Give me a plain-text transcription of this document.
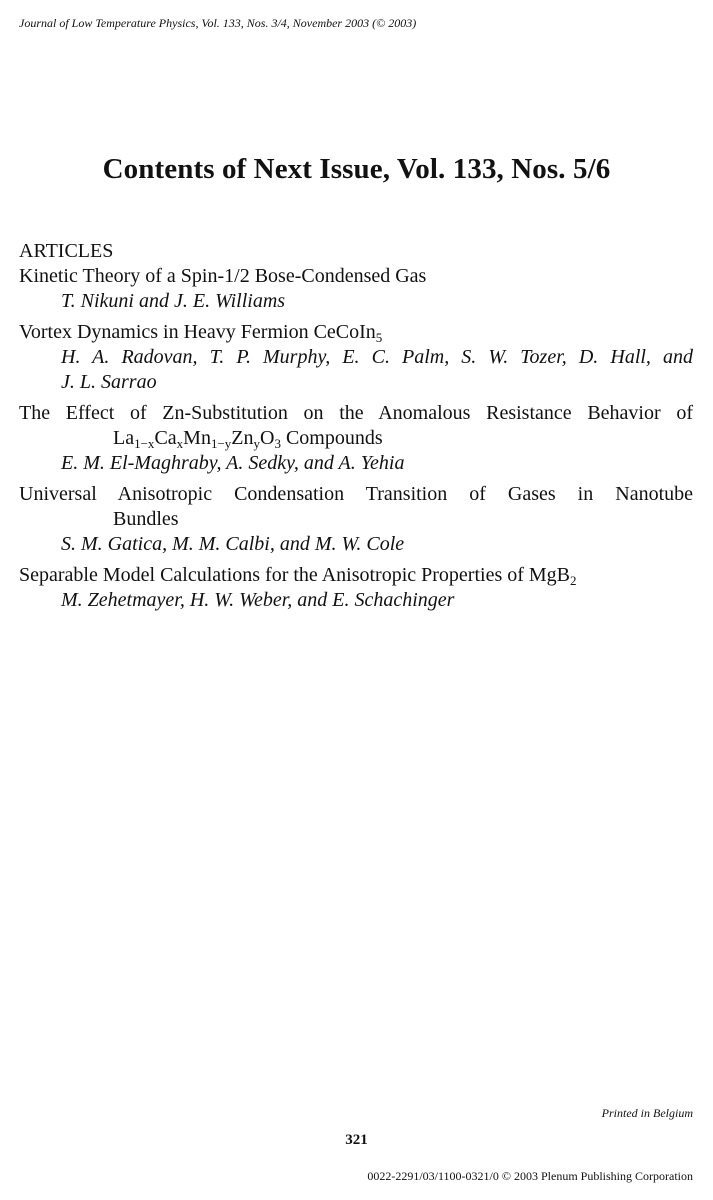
Journal of Low Temperature Physics, Vol. 133, Nos. 3/4, November 2003 (© 2003)
Contents of Next Issue, Vol. 133, Nos. 5/6
ARTICLES
Kinetic Theory of a Spin-1/2 Bose-Condensed Gas
T. Nikuni and J. E. Williams
Vortex Dynamics in Heavy Fermion CeCoIn$_5$
H. A. Radovan, T. P. Murphy, E. C. Palm, S. W. Tozer, D. Hall, and
J. L. Sarrao
The Effect of Zn-Substitution on the Anomalous Resistance Behavior of
$La_{1-x}Ca_xMn_{1-y}Zn_yO_3$ Compounds
E. M. El-Maghraby, A. Sedky, and A. Yehia
Universal Anisotropic Condensation Transition of Gases in Nanotube
Bundles
S. M. Gatica, M. M. Calbi, and M. W. Cole
Separable Model Calculations for the Anisotropic Properties of MgB$_2$
M. Zehetmayer, H. W. Weber, and E. Schachinger
Printed in Belgium
321
0022-2291/03/1100-0321/0 © 2003 Plenum Publishing Corporation
